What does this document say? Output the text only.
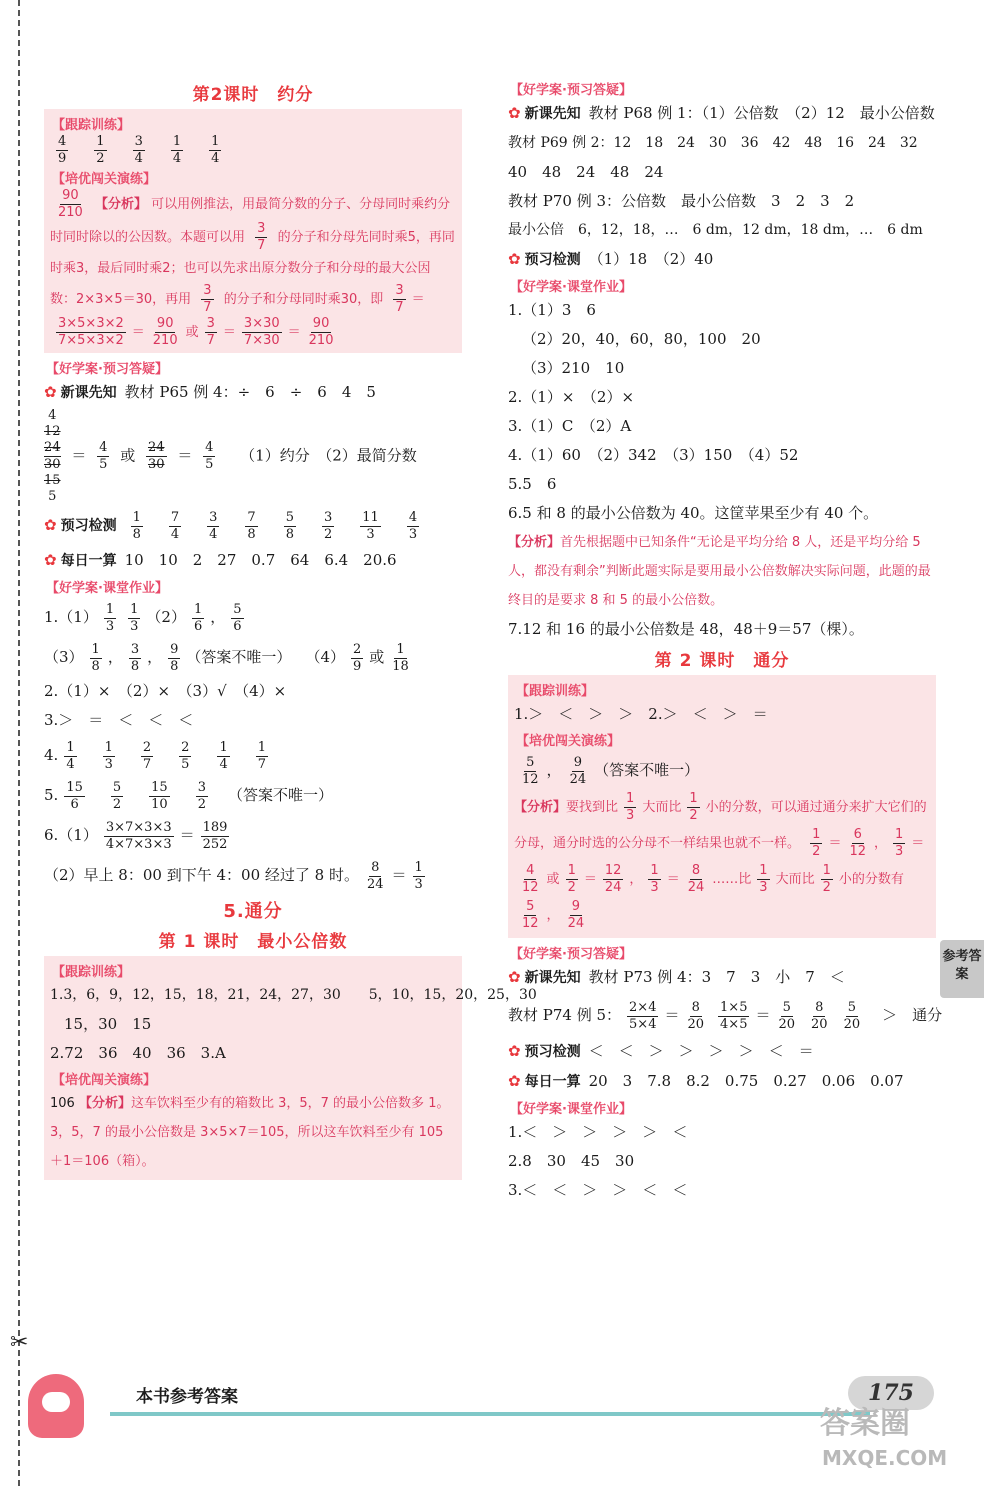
✂
第2课时　约分
【跟踪训练】
$\frac{4}{9} \frac{1}{2} \frac{3}{4} \frac{1}{4} \frac{1}{4}$
【培优闯关演练】
$\frac{90}{210}$ 【分析】 可以用例推法，用最简分数的分子、分母同时乘约分时同时除以的公因数。本题可以用 $\frac{3}{7}$ 的分子和分母先同时乘5，再同时乘3，最后同时乘2；也可以先求出原分数分子和分母的最大公因数：2×3×5＝30，再用 $\frac{3}{7}$ 的分子和分母同时乘30，即 $\frac{3}{7}$ ＝
$\frac{3\times 5\times 3\times 2}{7\times 5\times 3\times 2} = \frac{90}{210}$ 或 $\frac{3}{7} = \frac{3\times 30}{7\times 30} = \frac{90}{210}$
【好学案·预习答疑】
✿ 新课先知 教材 P65 例 4：÷　6　÷　6　4　5
4
12
24
30
15
5
＝ $\frac{4}{5}$ 或 $\frac{24}{30} = \frac{4}{5} (1)$约分　（2）最简分数
✿ 预习检测 $\frac{1}{8} \frac{7}{4} \frac{3}{4} \frac{7}{8} \frac{5}{8} \frac{3}{2} \frac{11}{3} \frac{4}{3}$
✿ 每日一算 10　10　2　27　0.7　64　6.4　20.6
【好学案·课堂作业】
$1.(1) \frac{1}{3} \frac{1}{3} (2) \frac{1}{6}$ ， $\frac{5}{6}$
$(3) \frac{1}{8}$ ， $\frac{3}{8}$ ， $\frac{9}{8}$ （答案不唯一） $(4) \frac{2}{9}$ 或 $\frac{1}{18}$
2.（1）×　（2）×　（3）√　（4）×
3.＞　＝　＜　＜　＜
4. $\frac{1}{4} \frac{1}{3} \frac{2}{7} \frac{2}{5} \frac{1}{4} \frac{1}{7}$
5. $\frac{15}{6} \frac{5}{2} \frac{15}{10} \frac{3}{2}$ （答案不唯一）
$6.(1) \frac{3\times 7\times 3\times 3}{4\times 7\times 3\times 3} = \frac{189}{252}$
（2）早上 8：00 到下午 4：00 经过了 8 时。 $\frac{8}{24} = \frac{1}{3}$
5.通分
第 1 课时　最小公倍数
【跟踪训练】
1.3，6，9，12，15，18，21，24，27，30　　5，10，15，20，25，30
15，30　15
2.72　36　40　36　3.A
【培优闯关演练】
106 【分析】这车饮料至少有的箱数比 3，5，7 的最小公倍数多 1。3，5，7 的最小公倍数是 3×5×7＝105，所以这车饮料至少有 105＋1＝106（箱）。
【好学案·预习答疑】
✿ 新课先知 教材 P68 例 1：（1）公倍数　（2）12　最小公倍数
教材 P69 例 2：12　18　24　30　36　42　48　16　24　32
40　48　24　48　24
教材 P70 例 3：公倍数　最小公倍数　3　2　3　2
最小公倍　6，12，18，…　6 dm，12 dm，18 dm，…　6 dm
✿ 预习检测 （1）18　（2）40
【好学案·课堂作业】
1.（1）3　6
（2）20，40，60，80，100　20
（3）210　10
2.（1）×　（2）×
3.（1）C　（2）A
4.（1）60　（2）342　（3）150　（4）52
5.5　6
6.5 和 8 的最小公倍数为 40。这筐苹果至少有 40 个。
【分析】首先根据题中已知条件“无论是平均分给 8 人，还是平均分给 5 人，都没有剩余”判断此题实际是要用最小公倍数解决实际问题，此题的最终目的是要求 8 和 5 的最小公倍数。
7.12 和 16 的最小公倍数是 48，48＋9＝57（棵）。
第 2 课时　通分
【跟踪训练】
1.＞　＜　＞　＞　2.＞　＜　＞　＝
【培优闯关演练】
$\frac{5}{12}$ ， $\frac{9}{24}$ （答案不唯一）
【分析】要找到比 $\frac{1}{3}$ 大而比 $\frac{1}{2}$ 小的分数，可以通过通分来扩大它们的分母，通分时选的公分母不一样结果也就不一样。 $\frac{1}{2} = \frac{6}{12}$ ， $\frac{1}{3}$ ＝
$\frac{4}{12}$ 或 $\frac{1}{2} = \frac{12}{24}$ ， $\frac{1}{3} = \frac{8}{24}$ ……比 $\frac{1}{3}$ 大而比 $\frac{1}{2}$ 小的分数有
$\frac{5}{12}$ ， $\frac{9}{24}$
【好学案·预习答疑】
✿ 新课先知 教材 P73 例 4：3　7　3　小　7　＜
教材 P74 例 5： $\frac{2\times 4}{5\times 4} = \frac{8}{20} \frac{1\times 5}{4\times 5} = \frac{5}{20} \frac{8}{20} \frac{5}{20}$ ＞　通分
✿ 预习检测 ＜　＜　＞　＞　＞　＞　＜　＝
✿ 每日一算 20　3　7.8　8.2　0.75　0.27　0.06　0.07
【好学案·课堂作业】
1.＜　＞　＞　＞　＞　＜
2.8　30　45　30
3.＜　＜　＞　＞　＜　＜
参考答案
本书参考答案	175
答案圈
MXQE.COM
